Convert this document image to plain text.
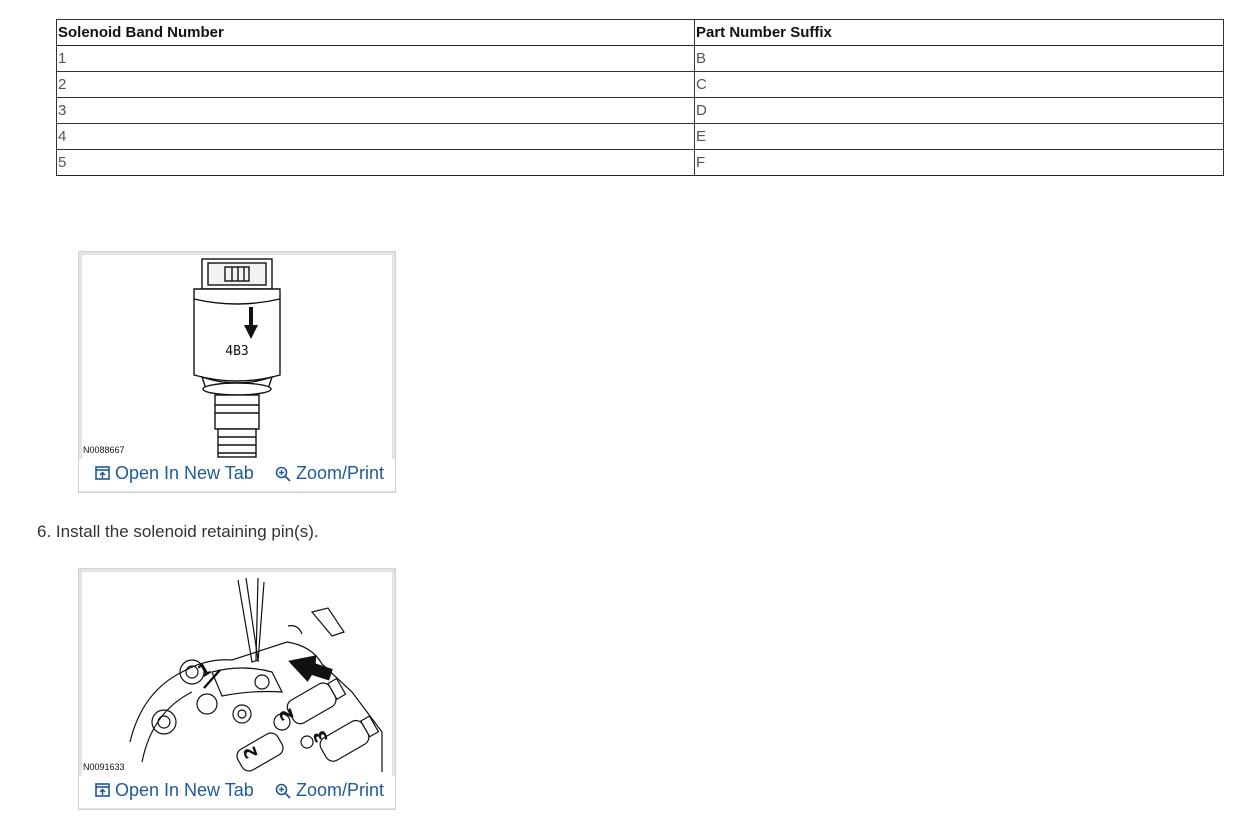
Solenoid Band Number	Part Number Suffix
1	B
2	C
3	D
4	E
5	F
4B3
N0088667
Open In New Tab Zoom/Print
6. Install the solenoid retaining pin(s).
1
2
2
3
N0091633
Open In New Tab Zoom/Print
